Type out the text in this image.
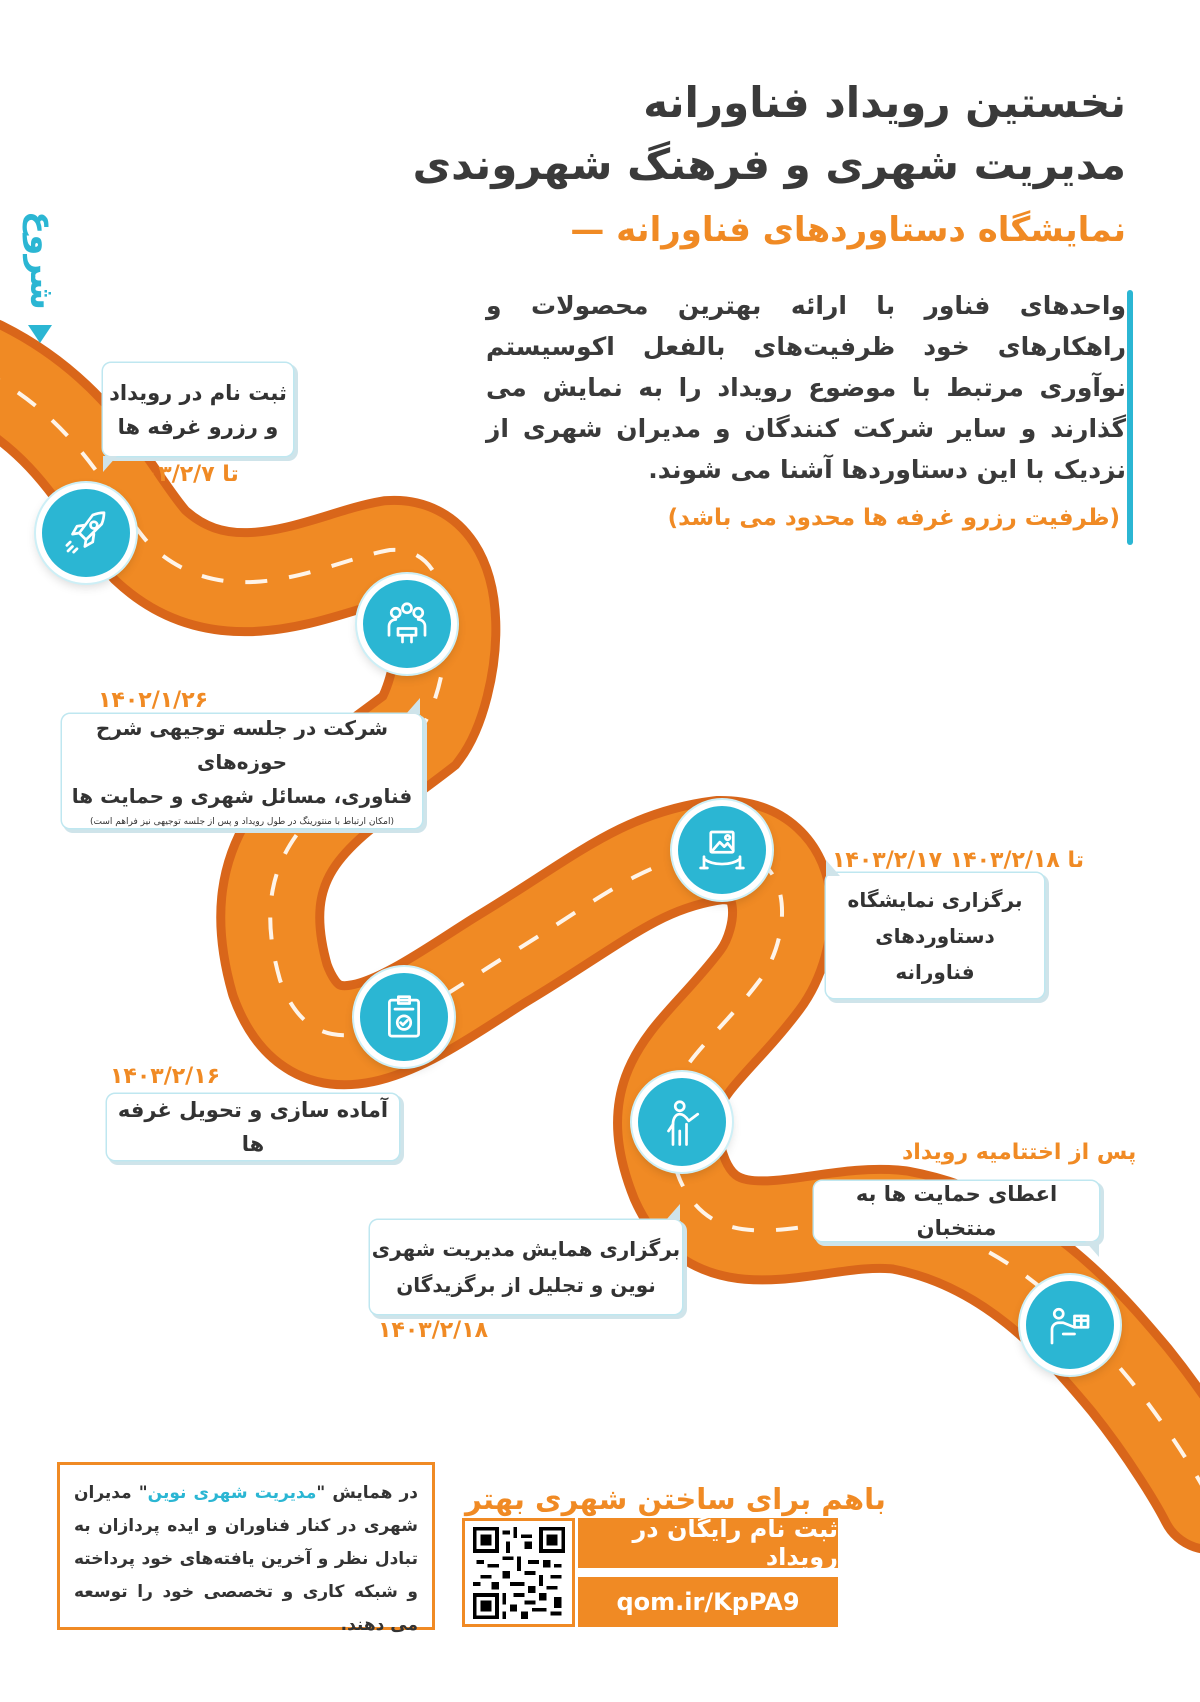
نخستین رویداد فناورانه
مدیریت شهری و فرهنگ شهروندی
نمایشگاه دستاوردهای فناورانه —
واحدهای فناور با ارائه بهترین محصولات و راهکارهای خود ظرفیت‌های بالفعل اکوسیستم نوآوری مرتبط با موضوع رویداد را به نمایش می گذارند و سایر شرکت کنندگان و مدیران شهری از نزدیک با این دستاوردها آشنا می شوند.
(ظرفیت رزرو غرفه ها محدود می باشد)
شروع
ثبت نام در رویداد
و رزرو غرفه ها
تا ۱۴۰۳/۲/۷
۱۴۰۲/۱/۲۶
شرکت در جلسه توجیهی شرح حوزه‌های
فناوری، مسائل شهری و حمایت ها
(امکان ارتباط با منتورینگ در طول رویداد و پس از جلسه توجیهی نیز فراهم است)
۱۴۰۳/۲/۱۶
آماده سازی و تحویل غرفه ها
۱۴۰۳/۲/۱۷ تا ۱۴۰۳/۲/۱۸
برگزاری نمایشگاه
دستاوردهای
فناورانه
برگزاری همایش مدیریت شهری
نوین و تجلیل از برگزیدگان
۱۴۰۳/۲/۱۸
پس از اختتامیه رویداد
اعطای حمایت ها به منتخبان
باهم برای ساختن شهری بهتر
ثبت نام رایگان در رویداد
qom.ir/KpPA9
در همایش "مدیریت شهری نوین" مدیران شهری در کنار فناوران و ایده پردازان به تبادل نظر و آخرین یافته‌های خود پرداخته و شبکه کاری و تخصصی خود را توسعه می دهند.
